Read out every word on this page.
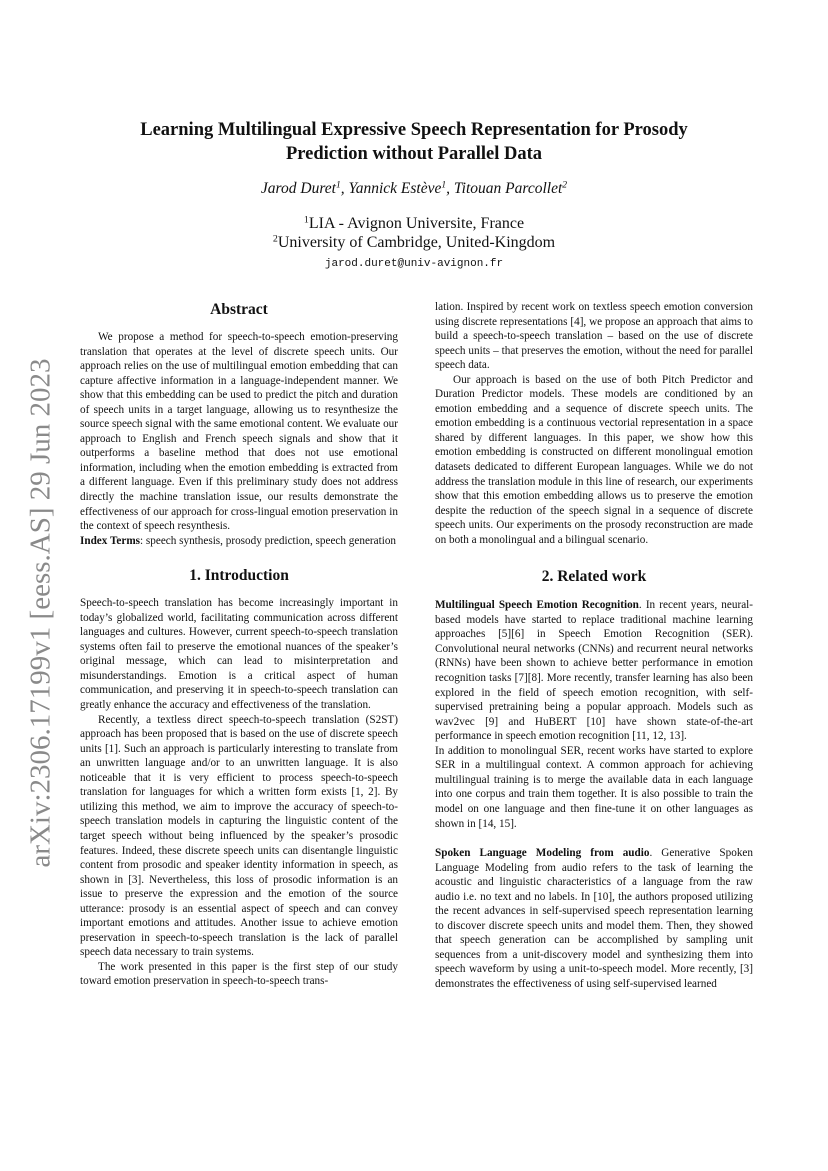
arXiv:2306.17199v1 [eess.AS] 29 Jun 2023
Learning Multilingual Expressive Speech Representation for Prosody
Prediction without Parallel Data
Jarod Duret$^1$, Yannick Estève$^1$, Titouan Parcollet$^2$
$^1$LIA - Avignon Universite, France
$^2$University of Cambridge, United-Kingdom
jarod.duret@univ-avignon.fr
Abstract

We propose a method for speech-to-speech emotion-preserving translation that operates at the level of discrete speech units. Our approach relies on the use of multilingual emotion embedding that can capture affective information in a language-independent manner. We show that this embedding can be used to predict the pitch and duration of speech units in a target language, allowing us to resynthesize the source speech signal with the same emotional content. We evaluate our approach to English and French speech signals and show that it outperforms a baseline method that does not use emotional information, including when the emotion embedding is extracted from a different language. Even if this preliminary study does not address directly the machine translation issue, our results demonstrate the effectiveness of our approach for cross-lingual emotion preservation in the context of speech resynthesis.

Index Terms: speech synthesis, prosody prediction, speech generation

1. Introduction

Speech-to-speech translation has become increasingly important in today’s globalized world, facilitating communication across different languages and cultures. However, current speech-to-speech translation systems often fail to preserve the emotional nuances of the speaker’s original message, which can lead to misinterpretation and misunderstandings. Emotion is a critical aspect of human communication, and preserving it in speech-to-speech translation can greatly enhance the accuracy and effectiveness of the translation.

Recently, a textless direct speech-to-speech translation (S2ST) approach has been proposed that is based on the use of discrete speech units [1]. Such an approach is particularly interesting to translate from an unwritten language and/or to an unwritten language. It is also noticeable that it is very efficient to process speech-to-speech translation for languages for which a written form exists [1, 2]. By utilizing this method, we aim to improve the accuracy of speech-to-speech translation models in capturing the linguistic content of the target speech without being influenced by the speaker’s prosodic features. Indeed, these discrete speech units can disentangle linguistic content from prosodic and speaker identity information in speech, as shown in [3]. Nevertheless, this loss of prosodic information is an issue to preserve the expression and the emotion of the source utterance: prosody is an essential aspect of speech and can convey important emotions and attitudes. Another issue to achieve emotion preservation in speech-to-speech translation is the lack of parallel speech data necessary to train systems.

The work presented in this paper is the first step of our study toward emotion preservation in speech-to-speech trans-

lation. Inspired by recent work on textless speech emotion conversion using discrete representations [4], we propose an approach that aims to build a speech-to-speech translation – based on the use of discrete speech units – that preserves the emotion, without the need for parallel speech data.

Our approach is based on the use of both Pitch Predictor and Duration Predictor models. These models are conditioned by an emotion embedding and a sequence of discrete speech units. The emotion embedding is a continuous vectorial representation in a space shared by different languages. In this paper, we show how this emotion embedding is constructed on different monolingual emotion datasets dedicated to different European languages. While we do not address the translation module in this line of research, our experiments show that this emotion embedding allows us to preserve the emotion despite the reduction of the speech signal in a sequence of discrete speech units. Our experiments on the prosody reconstruction are made on both a monolingual and a bilingual scenario.

2. Related work

Multilingual Speech Emotion Recognition. In recent years, neural-based models have started to replace traditional machine learning approaches [5][6] in Speech Emotion Recognition (SER). Convolutional neural networks (CNNs) and recurrent neural networks (RNNs) have been shown to achieve better performance in emotion recognition tasks [7][8]. More recently, transfer learning has also been explored in the field of speech emotion recognition, with self-supervised pretraining being a popular approach. Models such as wav2vec [9] and HuBERT [10] have shown state-of-the-art performance in speech emotion recognition [11, 12, 13].

In addition to monolingual SER, recent works have started to explore SER in a multilingual context. A common approach for achieving multilingual training is to merge the available data in each language into one corpus and train them together. It is also possible to train the model on one language and then fine-tune it on other languages as shown in [14, 15].

Spoken Language Modeling from audio. Generative Spoken Language Modeling from audio refers to the task of learning the acoustic and linguistic characteristics of a language from the raw audio i.e. no text and no labels. In [10], the authors proposed utilizing the recent advances in self-supervised speech representation learning to discover discrete speech units and model them. Then, they showed that speech generation can be accomplished by sampling unit sequences from a unit-discovery model and synthesizing them into speech waveform by using a unit-to-speech model. More recently, [3] demonstrates the effectiveness of using self-supervised learned
